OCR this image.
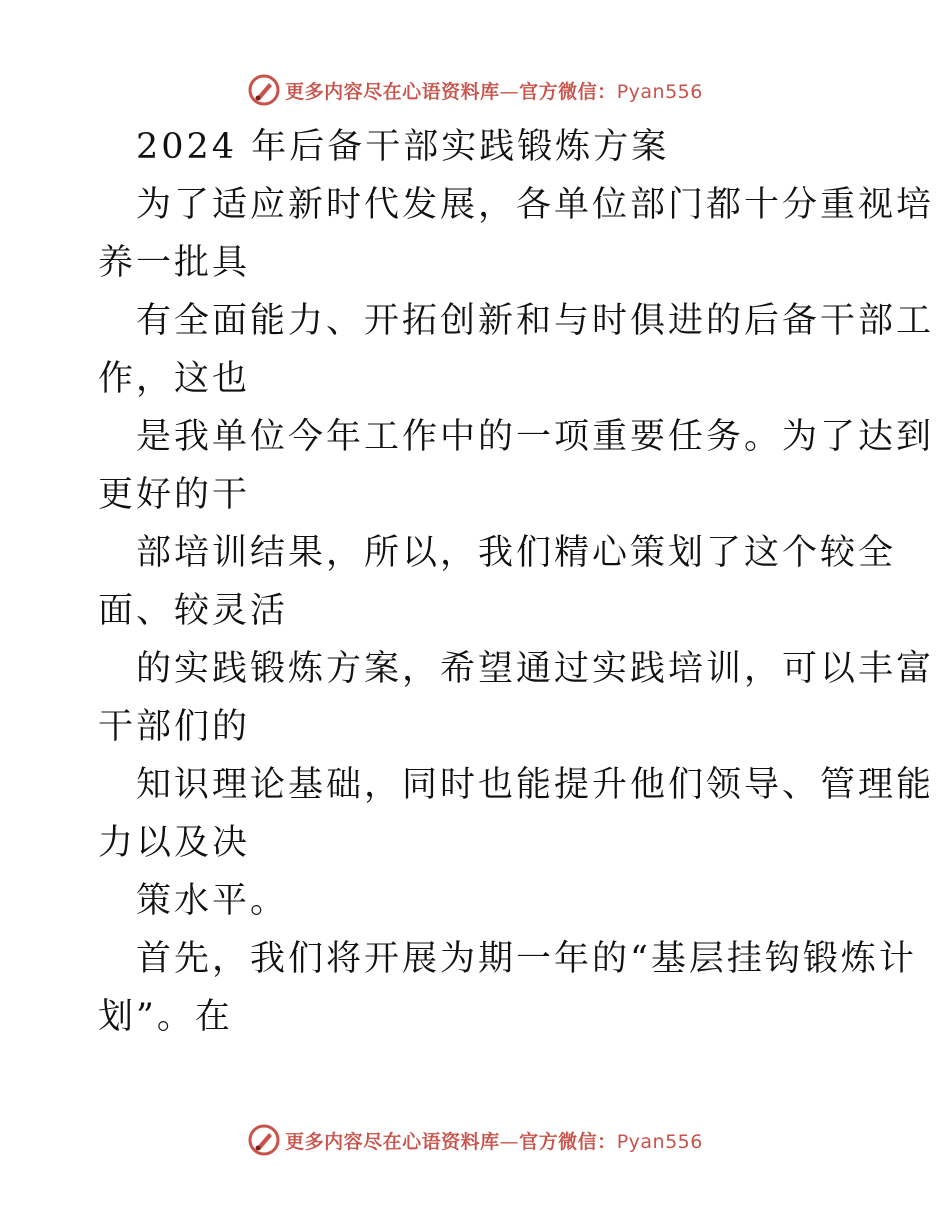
更多内容尽在心语资料库—官方微信：Pyan556
2024 年后备干部实践锻炼方案
为了适应新时代发展，各单位部门都十分重视培
养一批具
有全面能力、开拓创新和与时俱进的后备干部工
作，这也
是我单位今年工作中的一项重要任务。为了达到
更好的干
部培训结果，所以，我们精心策划了这个较全
面、较灵活
的实践锻炼方案，希望通过实践培训，可以丰富
干部们的
知识理论基础，同时也能提升他们领导、管理能
力以及决
策水平。
首先，我们将开展为期一年的“基层挂钩锻炼计
划”。在
更多内容尽在心语资料库—官方微信：Pyan556
